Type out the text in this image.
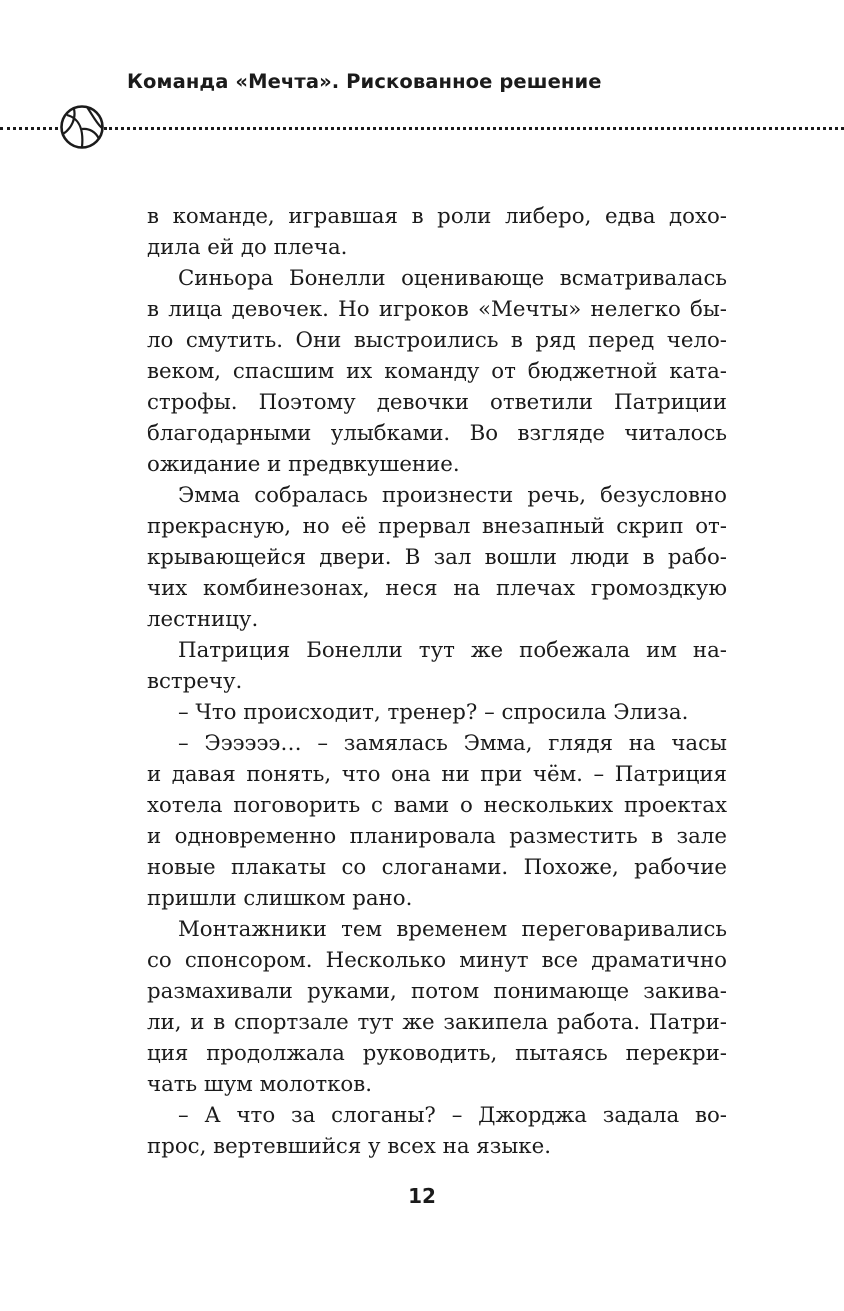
Команда «Мечта». Рискованное решение
в команде, игравшая в роли либеро, едва дохо-
дила ей до плеча.
Синьора Бонелли оценивающе всматривалась
в лица девочек. Но игроков «Мечты» нелегко бы-
ло смутить. Они выстроились в ряд перед чело-
веком, спасшим их команду от бюджетной ката-
строфы. Поэтому девочки ответили Патриции
благодарными улыбками. Во взгляде читалось
ожидание и предвкушение.
Эмма собралась произнести речь, безусловно
прекрасную, но её прервал внезапный скрип от-
крывающейся двери. В зал вошли люди в рабо-
чих комбинезонах, неся на плечах громоздкую
лестницу.
Патриция Бонелли тут же побежала им на-
встречу.
– Что происходит, тренер? – спросила Элиза.
– Ээээээ… – замялась Эмма, глядя на часы
и давая понять, что она ни при чём. – Патриция
хотела поговорить с вами о нескольких проектах
и одновременно планировала разместить в зале
новые плакаты со слоганами. Похоже, рабочие
пришли слишком рано.
Монтажники тем временем переговаривались
со спонсором. Несколько минут все драматично
размахивали руками, потом понимающе закива-
ли, и в спортзале тут же закипела работа. Патри-
ция продолжала руководить, пытаясь перекри-
чать шум молотков.
– А что за слоганы? – Джорджа задала во-
прос, вертевшийся у всех на языке.
12
